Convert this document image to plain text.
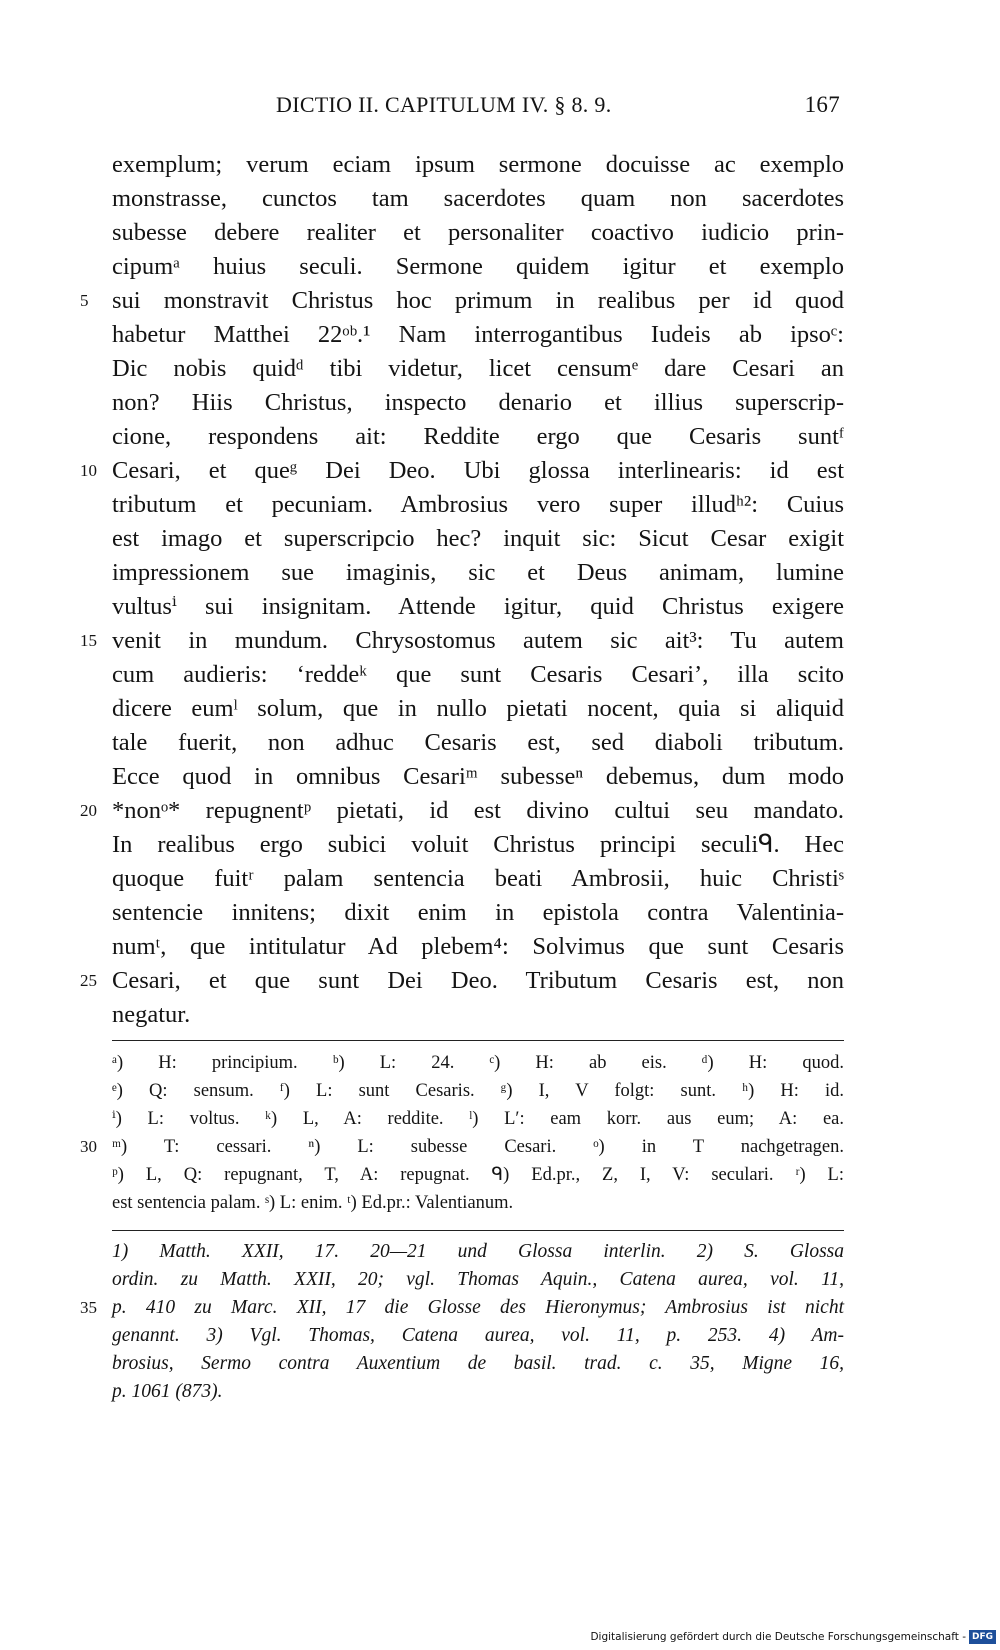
DICTIO II. CAPITULUM IV. § 8. 9.	167
exemplum; verum eciam ipsum sermone docuisse ac exemplo
monstrasse, cunctos tam sacerdotes quam non sacerdotes
subesse debere realiter et personaliter coactivo iudicio prin-
cipumᵃ huius seculi. Sermone quidem igitur et exemplo
5 sui monstravit Christus hoc primum in realibus per id quod
habetur Matthei 22ᵒᵇ.¹ Nam interrogantibus Iudeis ab ipsoᶜ:
Dic nobis quidᵈ tibi videtur, licet censumᵉ dare Cesari an
non? Hiis Christus, inspecto denario et illius superscrip-
cione, respondens ait: Reddite ergo que Cesaris suntᶠ
10 Cesari, et queᵍ Dei Deo. Ubi glossa interlinearis: id est
tributum et pecuniam. Ambrosius vero super illudʰ²: Cuius
est imago et superscripcio hec? inquit sic: Sicut Cesar exigit
impressionem sue imaginis, sic et Deus animam, lumine
vultusⁱ sui insignitam. Attende igitur, quid Christus exigere
15 venit in mundum. Chrysostomus autem sic ait³: Tu autem
cum audieris: ‘reddeᵏ que sunt Cesaris Cesari’, illa scito
dicere eumˡ solum, que in nullo pietati nocent, quia si aliquid
tale fuerit, non adhuc Cesaris est, sed diaboli tributum.
Ecce quod in omnibus Cesariᵐ subesseⁿ debemus, dum modo
20 *nonᵒ* repugnentᵖ pietati, id est divino cultui seu mandato.
In realibus ergo subici voluit Christus principi seculiᑫ. Hec
quoque fuitʳ palam sentencia beati Ambrosii, huic Christiˢ
sentencie innitens; dixit enim in epistola contra Valentinia-
numᵗ, que intitulatur Ad plebem⁴: Solvimus que sunt Cesaris
25 Cesari, et que sunt Dei Deo. Tributum Cesaris est, non
negatur.
ᵃ) H: principium. ᵇ) L: 24. ᶜ) H: ab eis. ᵈ) H: quod.
ᵉ) Q: sensum. ᶠ) L: sunt Cesaris. ᵍ) I, V folgt: sunt. ʰ) H: id.
ⁱ) L: voltus. ᵏ) L, A: reddite. ˡ) L′: eam korr. aus eum; A: ea.
30 ᵐ) T: cessari. ⁿ) L: subesse Cesari. ᵒ) in T nachgetragen.
ᵖ) L, Q: repugnant, T, A: repugnat. ᑫ) Ed.pr., Z, I, V: seculari. ʳ) L:
est sentencia palam. ˢ) L: enim. ᵗ) Ed.pr.: Valentianum.
1) Matth. XXII, 17. 20—21 und Glossa interlin. 2) S. Glossa
ordin. zu Matth. XXII, 20; vgl. Thomas Aquin., Catena aurea, vol. 11,
35 p. 410 zu Marc. XII, 17 die Glosse des Hieronymus; Ambrosius ist nicht
genannt. 3) Vgl. Thomas, Catena aurea, vol. 11, p. 253. 4) Am-
brosius, Sermo contra Auxentium de basil. trad. c. 35, Migne 16,
p. 1061 (873).
Digitalisierung gefördert durch die Deutsche Forschungsgemeinschaft - DFG
